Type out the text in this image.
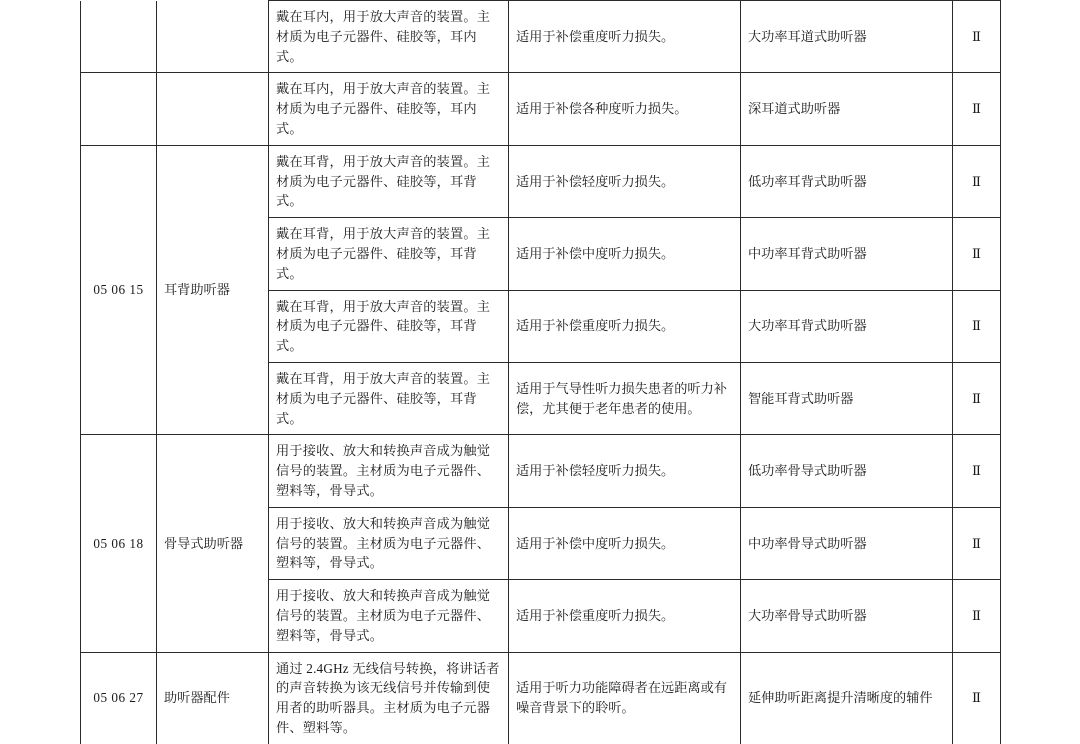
		戴在耳内，用于放大声音的装置。主材质为电子元器件、硅胶等，耳内式。	适用于补偿重度听力损失。	大功率耳道式助听器	Ⅱ
		戴在耳内，用于放大声音的装置。主材质为电子元器件、硅胶等，耳内式。	适用于补偿各种度听力损失。	深耳道式助听器	Ⅱ
05 06 15	耳背助听器	戴在耳背，用于放大声音的装置。主材质为电子元器件、硅胶等，耳背式。	适用于补偿轻度听力损失。	低功率耳背式助听器	Ⅱ
		戴在耳背，用于放大声音的装置。主材质为电子元器件、硅胶等，耳背式。	适用于补偿中度听力损失。	中功率耳背式助听器	Ⅱ
		戴在耳背，用于放大声音的装置。主材质为电子元器件、硅胶等，耳背式。	适用于补偿重度听力损失。	大功率耳背式助听器	Ⅱ
		戴在耳背，用于放大声音的装置。主材质为电子元器件、硅胶等，耳背式。	适用于气导性听力损失患者的听力补偿，尤其便于老年患者的使用。	智能耳背式助听器	Ⅱ
05 06 18	骨导式助听器	用于接收、放大和转换声音成为触觉信号的装置。主材质为电子元器件、塑料等，骨导式。	适用于补偿轻度听力损失。	低功率骨导式助听器	Ⅱ
		用于接收、放大和转换声音成为触觉信号的装置。主材质为电子元器件、塑料等，骨导式。	适用于补偿中度听力损失。	中功率骨导式助听器	Ⅱ
		用于接收、放大和转换声音成为触觉信号的装置。主材质为电子元器件、塑料等，骨导式。	适用于补偿重度听力损失。	大功率骨导式助听器	Ⅱ
05 06 27	助听器配件	通过 2.4GHz 无线信号转换，将讲话者的声音转换为该无线信号并传输到使用者的助听器具。主材质为电子元器件、塑料等。	适用于听力功能障碍者在远距离或有噪音背景下的聆听。	延伸助听距离提升清晰度的辅件	Ⅱ
